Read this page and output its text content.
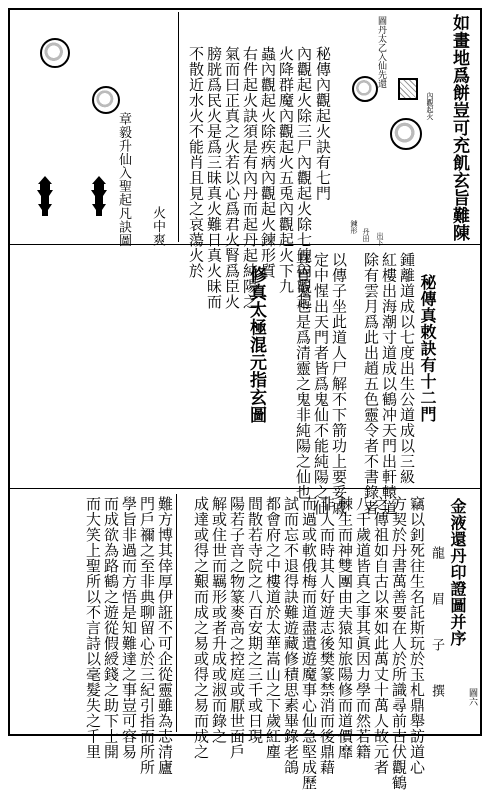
如畫地爲餅豈可充飢玄旨難陳
圖丹太乙入仙先還
內觀起火
鍊形
丹田 出下
秘傳內觀起火訣有七門
內觀起火除三尸內觀起火除七魄內觀起
火降群魔內觀起火五兎內觀起火下九
蟲內觀起火除疾病內觀起火鍊形質
右件起火訣須是有內丹而起丹起純陽之
氣而曰正真之火若以心爲君火腎爲臣火
膀胱爲民火是爲三昧真火難日真火昧而
不散近水火不能肖且見之哀蕩火於
章毅升仙入聖起凡訣圖 火中爽
秘傳真敕訣有十二門
鍾離道成以七度出生公道成以三級
紅樓出海潮寸道成以鶴冲天門出軒轅道
除有雲月爲此出趙五色靈令者不書錄者
以傳子坐此道人尸解不下箭功上要妥戚
定中惺出天門者皆爲鬼仙不能純陽之仙
其實鬼也是爲清靈之鬼非純陽之仙也
修真太極混元指玄圖
金液還丹印證圖并序
龍 眉 子 撰	圖六
竊以釗死往生名託斯玩於玉札鼎舉訪道心
方契於丹書萬善要在人於所識尋前古伏觀鶴
之傳祖如自古以來如此萬丈十萬人故元者
八千歲道皆真之事其眞因力學而然若籍
棘生而神雙團由夫猿知旅陽修而道價靡
非人而時其人好遊志後樊篆禁消而後鼎藉
而過或軟俄梅而道盡遺遊魔事心仙急堅成歷
試而忘不退得訣難遊藏修積思素畢錄老鴿
都會府之中樓道於太華嵩山之下歲紅塵
間散若寺院之八百安期之三千或日現
陽若子音之物篆麥高之控庭或厭世面戶
解或住世而羈形或者升成或淑而錄之
成達或得之艱而成之易或得之易而成之
難方博其倖厚伊誑不可企從靈雖為志清廬
門戶禰之至非典聊留心於三紀引指而所所
學旨非過而方悟是知難達之事豈可容易
而成欲為路鶴之遊從假綬錢之助下士開
而大笑上聖所以不言詩以毫髮失之千里
